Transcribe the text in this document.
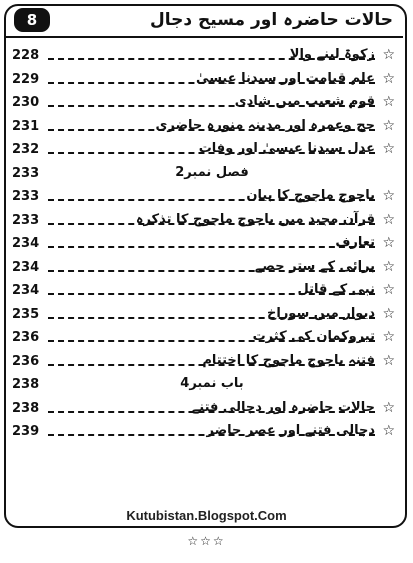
8	حالات حاضرہ اور مسیح دجال
228	زکوۃ لینے والا ☆
229	علم قیامت اور سیدنا عیسیٰ ☆
230	قوم شعیب میں شادی ☆
231	حج وعمرہ اور مدینہ منورہ حاضری ☆
232	عدل سیدنا عیسیٰ اور وفات ☆
233	فصل نمبر2
233	یاجوج ماجوج کا بیان ☆
233	قرآن مجید میں یاجوج ماجوج کا تذکرہ ☆
234	تعارف ☆
234	برائی کے ستر حصے ☆
234	نبی کے قاتل ☆
235	دیوار میں سوراخ ☆
236	تیروکمان کی کثرت ☆
236	فتنہ یاجوج ماجوج کا اختتام ☆
238	باب نمبر4
238	حالات حاضرہ اور دجالی فتنے ☆
239	دجالی فتنے اور عصر حاضر ☆
Kutubistan.Blogspot.Com
☆☆☆
